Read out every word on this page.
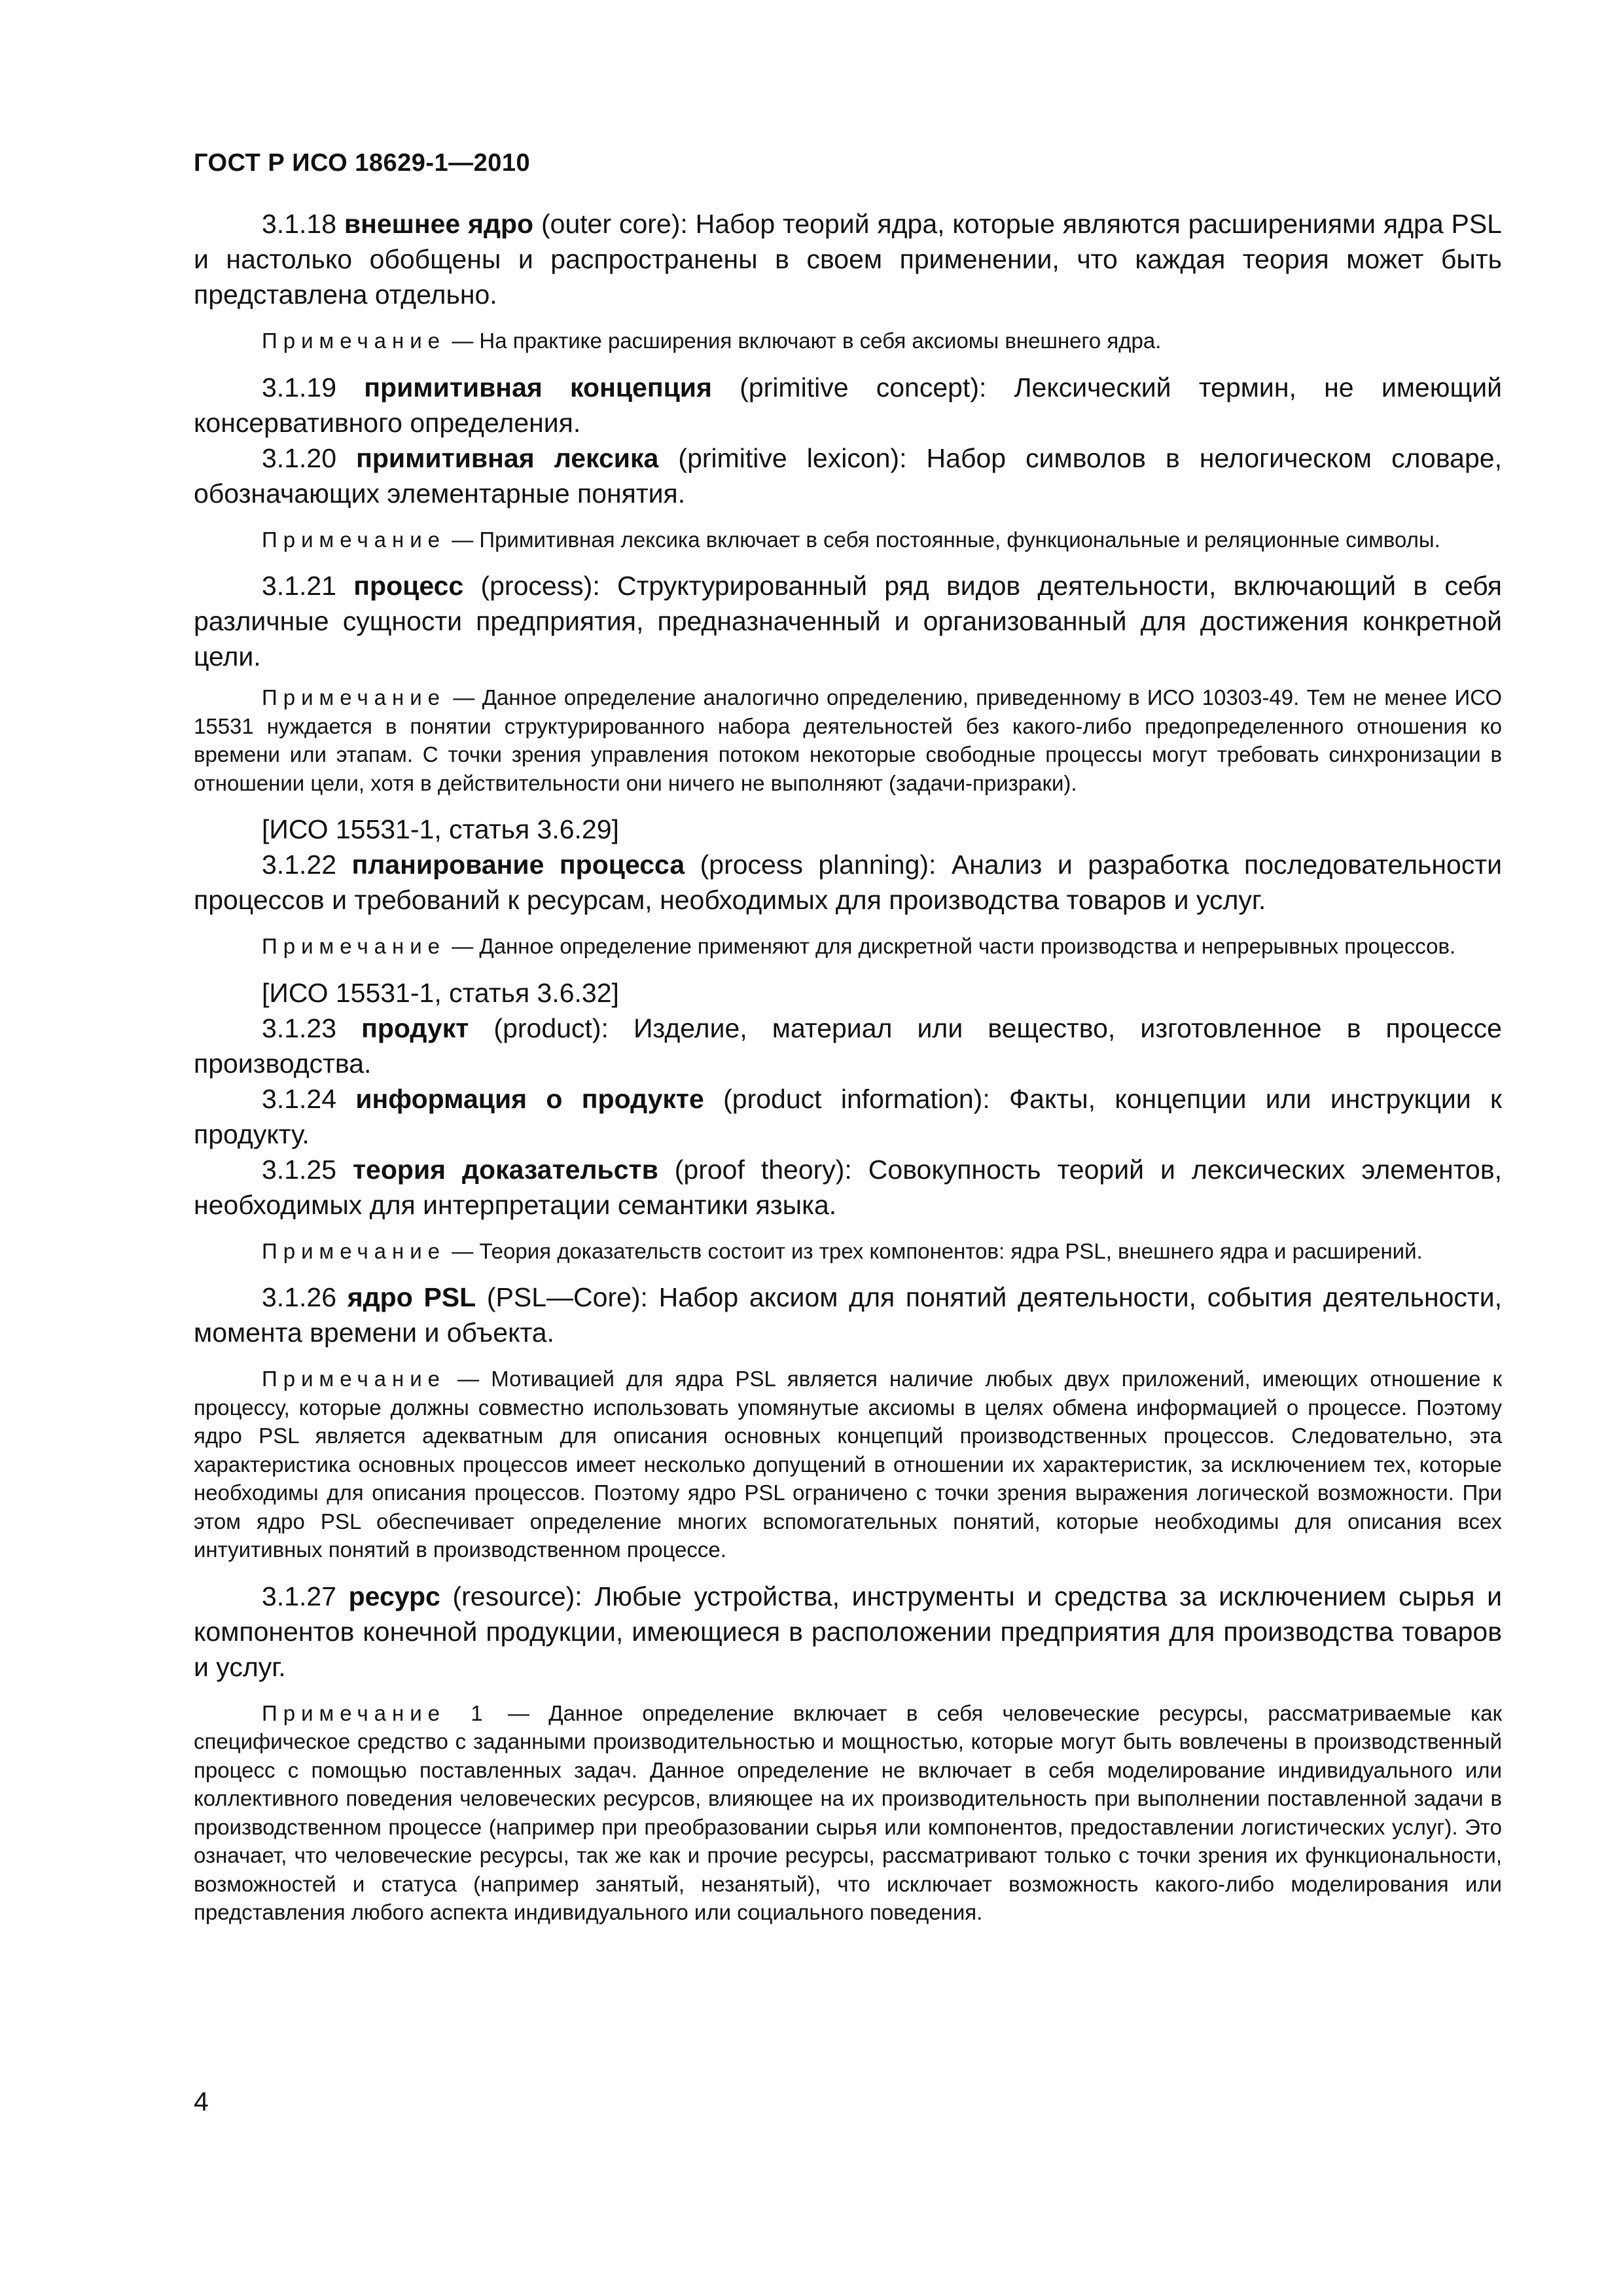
ГОСТ Р ИСО 18629-1—2010

3.1.18 внешнее ядро (outer core): Набор теорий ядра, которые являются расширениями ядра PSL и настолько обобщены и распространены в своем применении, что каждая теория может быть представлена отдельно.

Примечание — На практике расширения включают в себя аксиомы внешнего ядра.

3.1.19 примитивная концепция (primitive concept): Лексический термин, не имеющий консервативного определения.

3.1.20 примитивная лексика (primitive lexicon): Набор символов в нелогическом словаре, обозначающих элементарные понятия.

Примечание — Примитивная лексика включает в себя постоянные, функциональные и реляционные символы.

3.1.21 процесс (process): Структурированный ряд видов деятельности, включающий в себя различные сущности предприятия, предназначенный и организованный для достижения конкретной цели.

Примечание — Данное определение аналогично определению, приведенному в ИСО 10303-49. Тем не менее ИСО 15531 нуждается в понятии структурированного набора деятельностей без какого-либо предопределенного отношения ко времени или этапам. С точки зрения управления потоком некоторые свободные процессы могут требовать синхронизации в отношении цели, хотя в действительности они ничего не выполняют (задачи-призраки).

[ИСО 15531-1, статья 3.6.29]

3.1.22 планирование процесса (process planning): Анализ и разработка последовательности процессов и требований к ресурсам, необходимых для производства товаров и услуг.

Примечание — Данное определение применяют для дискретной части производства и непрерывных процессов.

[ИСО 15531-1, статья 3.6.32]

3.1.23 продукт (product): Изделие, материал или вещество, изготовленное в процессе производства.

3.1.24 информация о продукте (product information): Факты, концепции или инструкции к продукту.

3.1.25 теория доказательств (proof theory): Совокупность теорий и лексических элементов, необходимых для интерпретации семантики языка.

Примечание — Теория доказательств состоит из трех компонентов: ядра PSL, внешнего ядра и расширений.

3.1.26 ядро PSL (PSL—Core): Набор аксиом для понятий деятельности, события деятельности, момента времени и объекта.

Примечание — Мотивацией для ядра PSL является наличие любых двух приложений, имеющих отношение к процессу, которые должны совместно использовать упомянутые аксиомы в целях обмена информацией о процессе. Поэтому ядро PSL является адекватным для описания основных концепций производственных процессов. Следовательно, эта характеристика основных процессов имеет несколько допущений в отношении их характеристик, за исключением тех, которые необходимы для описания процессов. Поэтому ядро PSL ограничено с точки зрения выражения логической возможности. При этом ядро PSL обеспечивает определение многих вспомогательных понятий, которые необходимы для описания всех интуитивных понятий в производственном процессе.

3.1.27 ресурс (resource): Любые устройства, инструменты и средства за исключением сырья и компонентов конечной продукции, имеющиеся в расположении предприятия для производства товаров и услуг.

Примечание 1 — Данное определение включает в себя человеческие ресурсы, рассматриваемые как специфическое средство с заданными производительностью и мощностью, которые могут быть вовлечены в производственный процесс с помощью поставленных задач. Данное определение не включает в себя моделирование индивидуального или коллективного поведения человеческих ресурсов, влияющее на их производительность при выполнении поставленной задачи в производственном процессе (например при преобразовании сырья или компонентов, предоставлении логистических услуг). Это означает, что человеческие ресурсы, так же как и прочие ресурсы, рассматривают только с точки зрения их функциональности, возможностей и статуса (например занятый, незанятый), что исключает возможность какого-либо моделирования или представления любого аспекта индивидуального или социального поведения.

4
